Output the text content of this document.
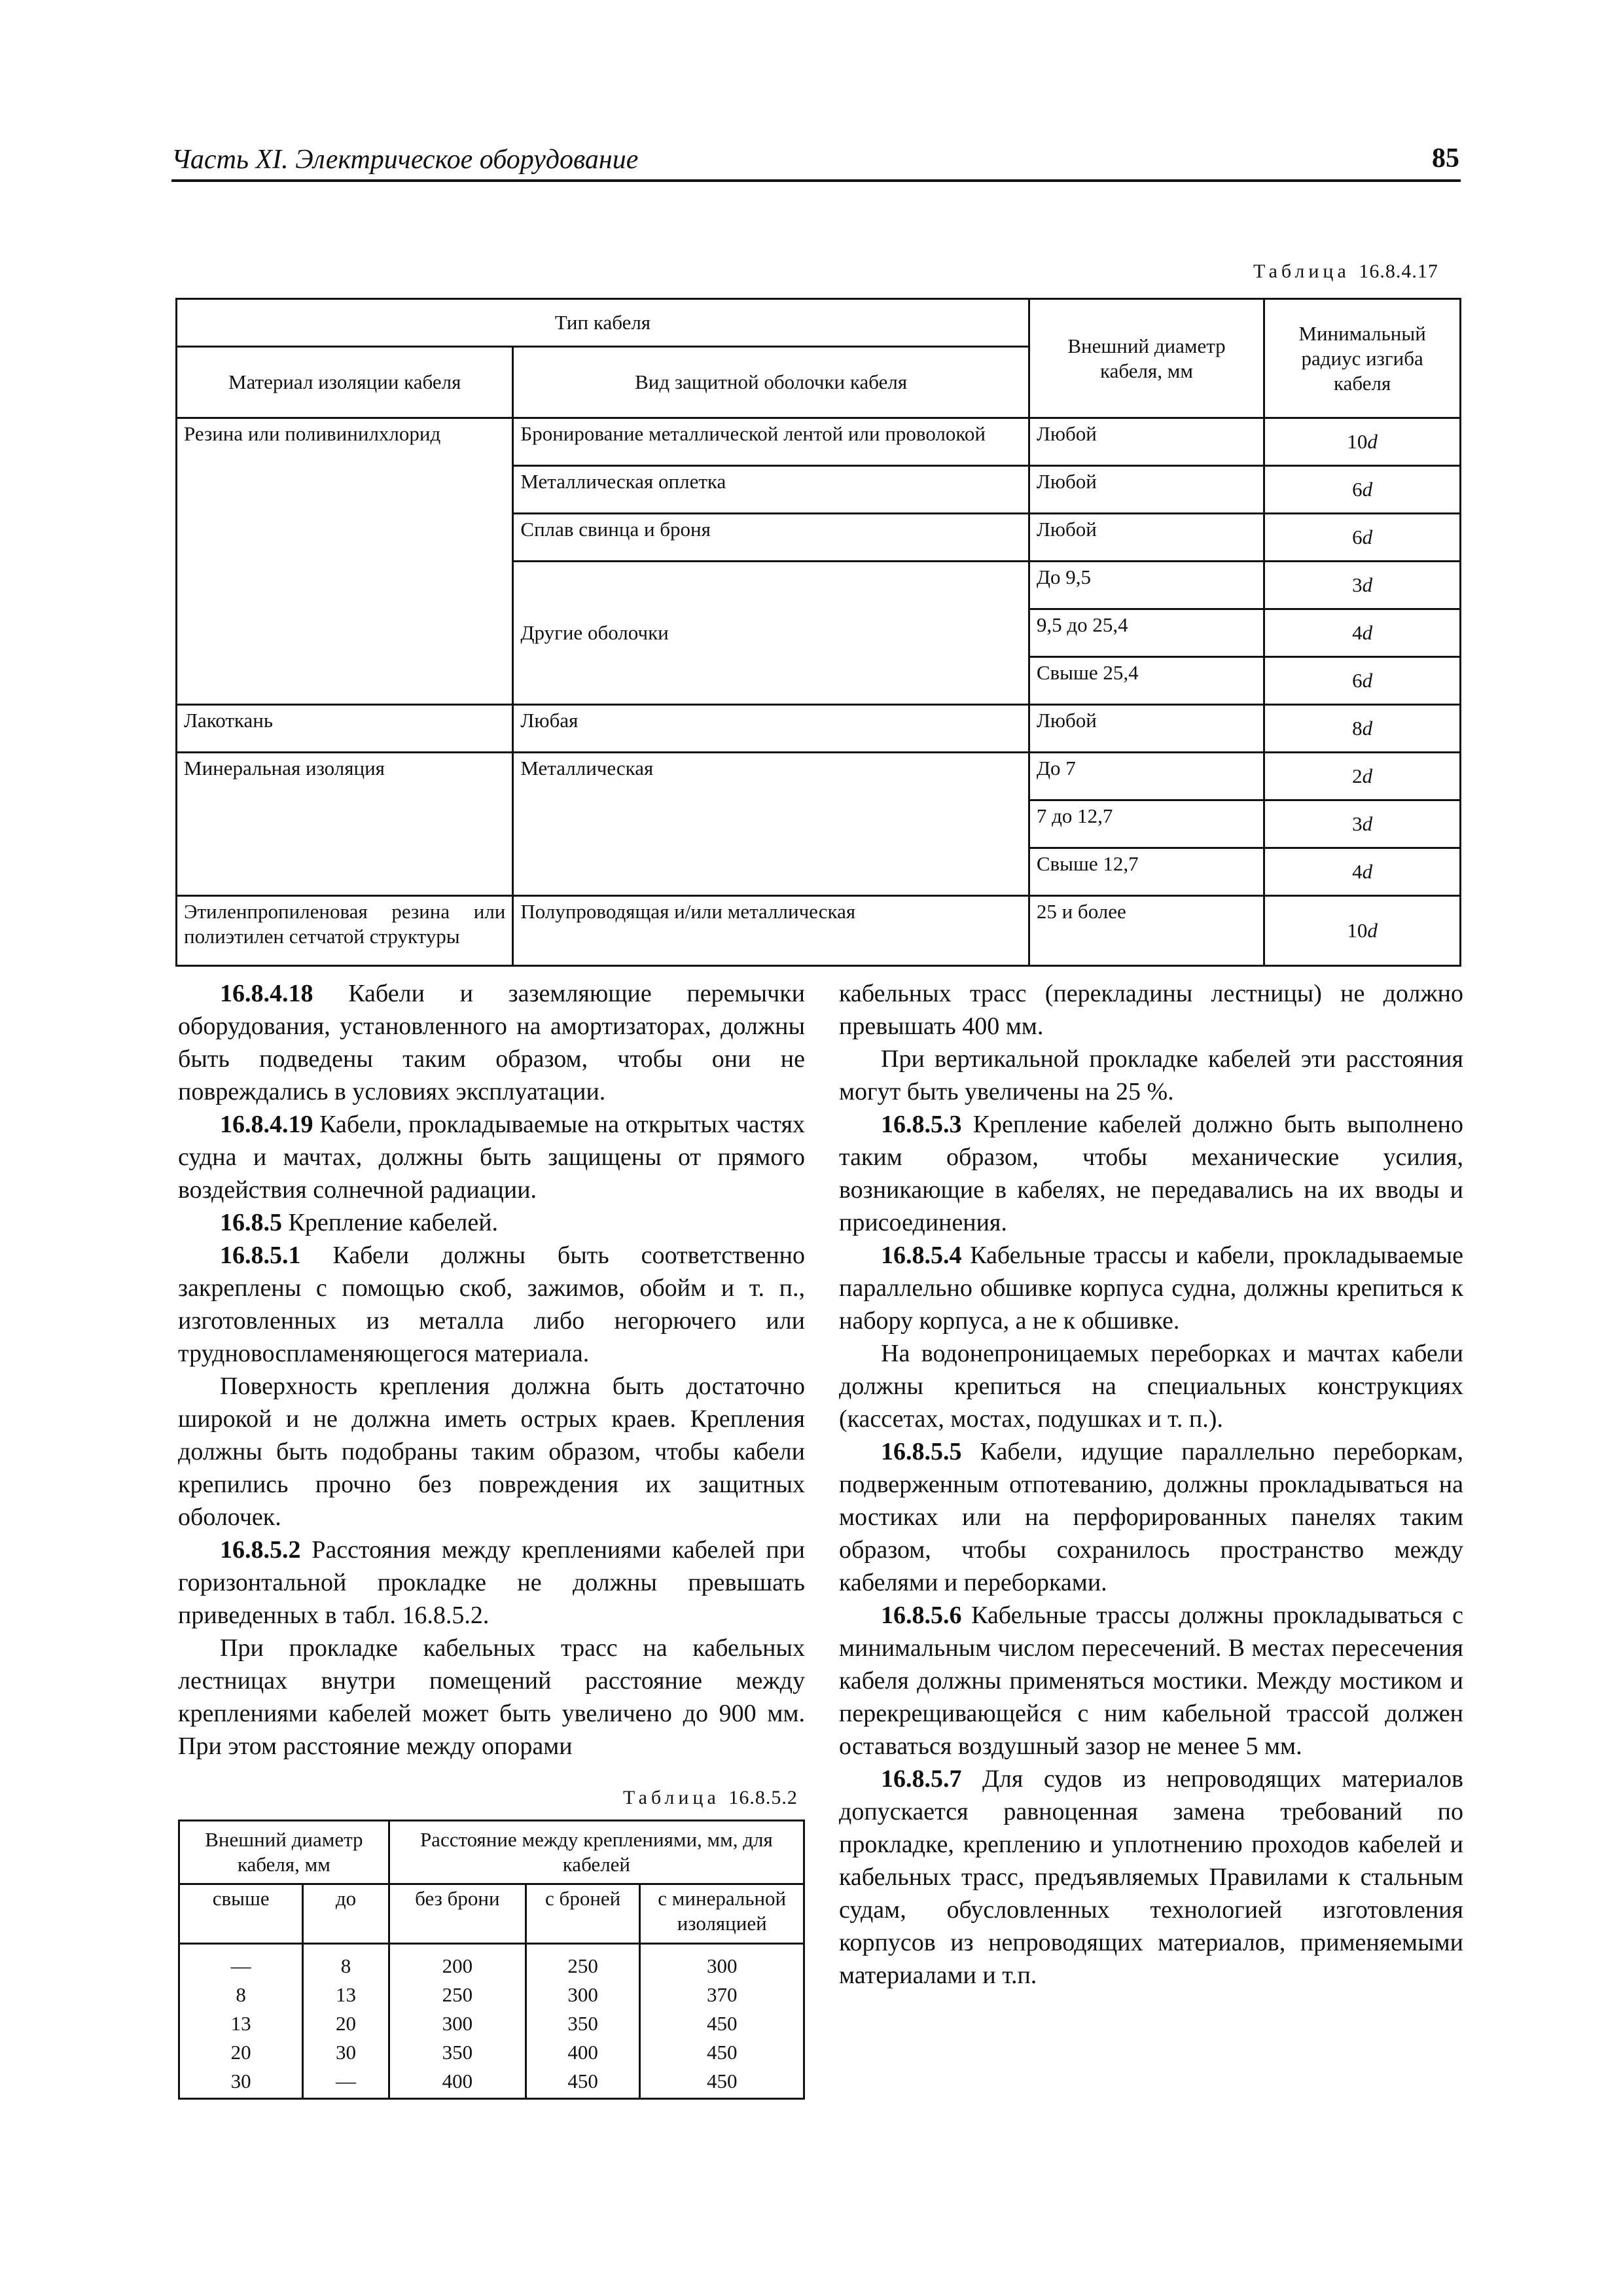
Часть XI. Электрическое оборудование	85
Таблица 16.8.4.17
Тип кабеля		Внешний диаметр кабеля, мм	Минимальный радиус изгиба кабеля
Материал изоляции кабеля	Вид защитной оболочки кабеля		
Резина или поливинилхлорид	Бронирование металлической лентой или проволокой	Любой	10d
	Металлическая оплетка	Любой	6d
	Сплав свинца и броня	Любой	6d
	Другие оболочки	До 9,5	3d
		9,5 до 25,4	4d
		Свыше 25,4	6d
Лакоткань	Любая	Любой	8d
Минеральная изоляция	Металлическая	До 7	2d
		7 до 12,7	3d
		Свыше 12,7	4d
Этиленпропиленовая резина или полиэтилен сетчатой структуры	Полупроводящая и/или металлическая	25 и более	10d

16.8.4.18 Кабели и заземляющие перемычки оборудования, установленного на амортизаторах, должны быть подведены таким образом, чтобы они не повреждались в условиях эксплуатации.

16.8.4.19 Кабели, прокладываемые на открытых частях судна и мачтах, должны быть защищены от прямого воздействия солнечной радиации.

16.8.5 Крепление кабелей.

16.8.5.1 Кабели должны быть соответственно закреплены с помощью скоб, зажимов, обойм и т. п., изготовленных из металла либо негорючего или трудновоспламеняющегося материала.

Поверхность крепления должна быть достаточно широкой и не должна иметь острых краев. Крепления должны быть подобраны таким образом, чтобы кабели крепились прочно без повреждения их защитных оболочек.

16.8.5.2 Расстояния между креплениями кабелей при горизонтальной прокладке не должны превышать приведенных в табл. 16.8.5.2.

При прокладке кабельных трасс на кабельных лестницах внутри помещений расстояние между креплениями кабелей может быть увеличено до 900 мм. При этом расстояние между опорами

Таблица 16.8.5.2
Внешний диаметр кабеля, мм		Расстояние между креплениями, мм, для кабелей		
свыше	до	без брони	с броней	с минеральной изоляцией
—	8	200	250	300
8	13	250	300	370
13	20	300	350	450
20	30	350	400	450
30	—	400	450	450

кабельных трасс (перекладины лестницы) не должно превышать 400 мм.

При вертикальной прокладке кабелей эти расстояния могут быть увеличены на 25 %.

16.8.5.3 Крепление кабелей должно быть выполнено таким образом, чтобы механические усилия, возникающие в кабелях, не передавались на их вводы и присоединения.

16.8.5.4 Кабельные трассы и кабели, прокладываемые параллельно обшивке корпуса судна, должны крепиться к набору корпуса, а не к обшивке.

На водонепроницаемых переборках и мачтах кабели должны крепиться на специальных конструкциях (кассетах, мостах, подушках и т. п.).

16.8.5.5 Кабели, идущие параллельно переборкам, подверженным отпотеванию, должны прокладываться на мостиках или на перфорированных панелях таким образом, чтобы сохранилось пространство между кабелями и переборками.

16.8.5.6 Кабельные трассы должны прокладываться с минимальным числом пересечений. В местах пересечения кабеля должны применяться мостики. Между мостиком и перекрещивающейся с ним кабельной трассой должен оставаться воздушный зазор не менее 5 мм.

16.8.5.7 Для судов из непроводящих материалов допускается равноценная замена требований по прокладке, креплению и уплотнению проходов кабелей и кабельных трасс, предъявляемых Правилами к стальным судам, обусловленных технологией изготовления корпусов из непроводящих материалов, применяемыми материалами и т.п.
